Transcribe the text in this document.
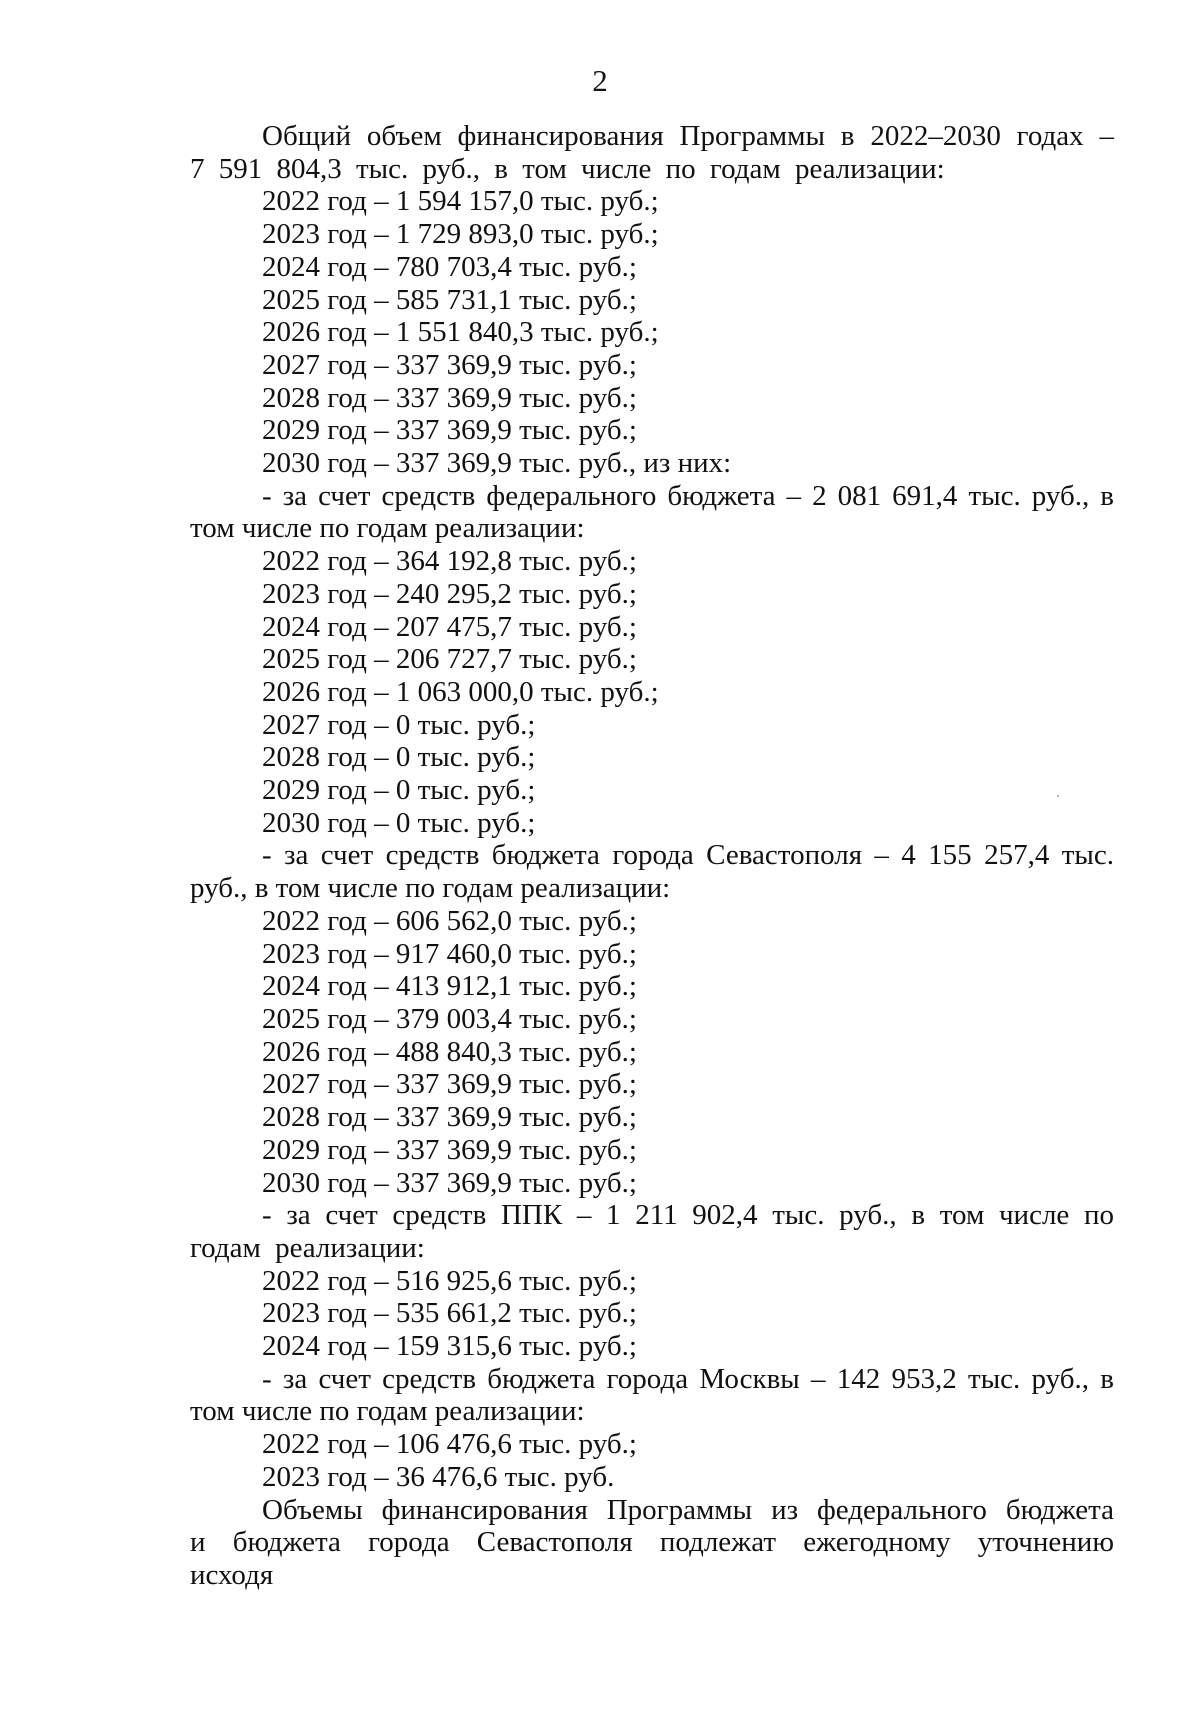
2

Общий объем финансирования Программы в 2022–2030 годах – 7 591 804,3 тыс. руб., в том числе по годам реализации:

2022 год – 1 594 157,0 тыс. руб.;

2023 год – 1 729 893,0 тыс. руб.;

2024 год – 780 703,4 тыс. руб.;

2025 год – 585 731,1 тыс. руб.;

2026 год – 1 551 840,3 тыс. руб.;

2027 год – 337 369,9 тыс. руб.;

2028 год – 337 369,9 тыс. руб.;

2029 год – 337 369,9 тыс. руб.;

2030 год – 337 369,9 тыс. руб., из них:

- за счет средств федерального бюджета – 2 081 691,4 тыс. руб., в том числе по годам реализации:

2022 год – 364 192,8 тыс. руб.;

2023 год – 240 295,2 тыс. руб.;

2024 год – 207 475,7 тыс. руб.;

2025 год – 206 727,7 тыс. руб.;

2026 год – 1 063 000,0 тыс. руб.;

2027 год – 0 тыс. руб.;

2028 год – 0 тыс. руб.;

2029 год – 0 тыс. руб.;

2030 год – 0 тыс. руб.;

- за счет средств бюджета города Севастополя – 4 155 257,4 тыс. руб., в том числе по годам реализации:

2022 год – 606 562,0 тыс. руб.;

2023 год – 917 460,0 тыс. руб.;

2024 год – 413 912,1 тыс. руб.;

2025 год – 379 003,4 тыс. руб.;

2026 год – 488 840,3 тыс. руб.;

2027 год – 337 369,9 тыс. руб.;

2028 год – 337 369,9 тыс. руб.;

2029 год – 337 369,9 тыс. руб.;

2030 год – 337 369,9 тыс. руб.;

- за счет средств ППК – 1 211 902,4 тыс. руб., в том числе по годам реализации:

2022 год – 516 925,6 тыс. руб.;

2023 год – 535 661,2 тыс. руб.;

2024 год – 159 315,6 тыс. руб.;

- за счет средств бюджета города Москвы – 142 953,2 тыс. руб., в том числе по годам реализации:

2022 год – 106 476,6 тыс. руб.;

2023 год – 36 476,6 тыс. руб.

Объемы финансирования Программы из федерального бюджета и бюджета города Севастополя подлежат ежегодному уточнению исходя
